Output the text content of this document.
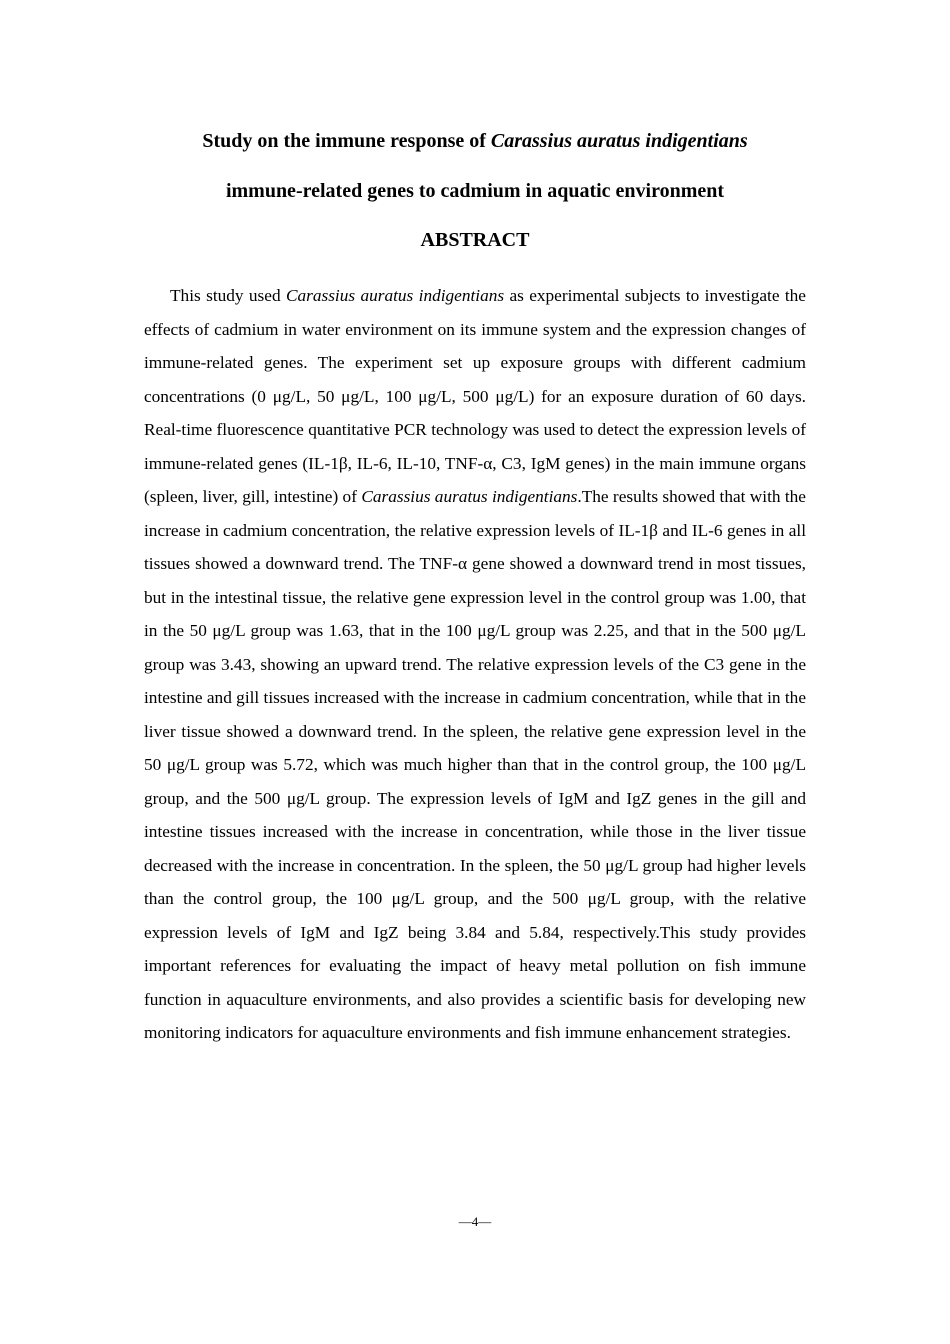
Study on the immune response of Carassius auratus indigentians
immune-related genes to cadmium in aquatic environment
ABSTRACT

This study used Carassius auratus indigentians as experimental subjects to investigate the effects of cadmium in water environment on its immune system and the expression changes of immune-related genes. The experiment set up exposure groups with different cadmium concentrations (0 μg/L, 50 μg/L, 100 μg/L, 500 μg/L) for an exposure duration of 60 days. Real-time fluorescence quantitative PCR technology was used to detect the expression levels of immune-related genes (IL-1β, IL-6, IL-10, TNF-α, C3, IgM genes) in the main immune organs (spleen, liver, gill, intestine) of Carassius auratus indigentians.The results showed that with the increase in cadmium concentration, the relative expression levels of IL-1β and IL-6 genes in all tissues showed a downward trend. The TNF-α gene showed a downward trend in most tissues, but in the intestinal tissue, the relative gene expression level in the control group was 1.00, that in the 50 μg/L group was 1.63, that in the 100 μg/L group was 2.25, and that in the 500 μg/L group was 3.43, showing an upward trend. The relative expression levels of the C3 gene in the intestine and gill tissues increased with the increase in cadmium concentration, while that in the liver tissue showed a downward trend. In the spleen, the relative gene expression level in the 50 μg/L group was 5.72, which was much higher than that in the control group, the 100 μg/L group, and the 500 μg/L group. The expression levels of IgM and IgZ genes in the gill and intestine tissues increased with the increase in concentration, while those in the liver tissue decreased with the increase in concentration. In the spleen, the 50 μg/L group had higher levels than the control group, the 100 μg/L group, and the 500 μg/L group, with the relative expression levels of IgM and IgZ being 3.84 and 5.84, respectively.This study provides important references for evaluating the impact of heavy metal pollution on fish immune function in aquaculture environments, and also provides a scientific basis for developing new monitoring indicators for aquaculture environments and fish immune enhancement strategies.

—4—
